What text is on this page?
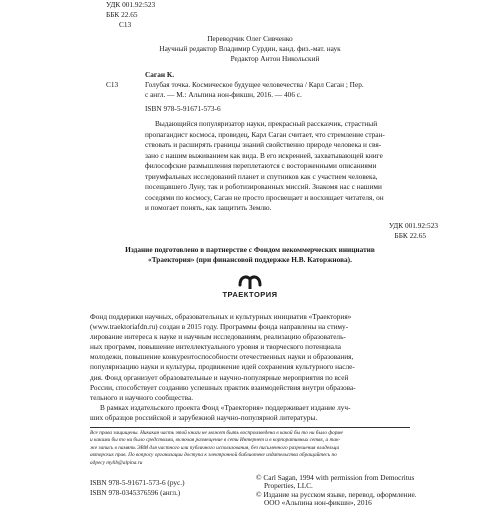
УДК 001.92:523
ББК 22.65
С13
Переводчик Олег Сивченко
Научный редактор Владимир Сурдин, канд. физ.-мат. наук
Редактор Антон Никольский
Саган К.
С13	Голубая точка. Космическое будущее человечества / Карл Саган ; Пер.
с англ. — М.: Альпина нон-фикшн, 2016. — 406 с.
ISBN 978-5-91671-573-6
Выдающийся популяризатор науки, прекрасный рассказчик, страстный
пропагандист космоса, провидец, Карл Саган считает, что стремление стран-
ствовать и расширять границы знаний свойственно природе человека и свя-
зано с нашим выживанием как вида. В его искренней, захватывающей книге
философские размышления переплетаются с восторженными описаниями
триумфальных исследований планет и спутников как с участием человека,
посещавшего Луну, так и роботизированных миссий. Знакомя нас с нашими
соседями по космосу, Саган не просто просвещает и восхищает читателя, он
и помогает понять, как защитить Землю.
УДК 001.92:523
ББК 22.65
Издание подготовлено в партнерстве с Фондом некоммерческих инициатив
«Траектория» (при финансовой поддержке Н.В. Каторжнова).
ТРАЕКТОРИЯ
Фонд поддержки научных, образовательных и культурных инициатив «Траектория»
(www.traektoriafdn.ru) создан в 2015 году. Программы фонда направлены на стиму-
лирование интереса к науке и научным исследованиям, реализацию образователь-
ных программ, повышение интеллектуального уровня и творческого потенциала
молодежи, повышение конкурентоспособности отечественных науки и образования,
популяризацию науки и культуры, продвижение идей сохранения культурного насле-
дия. Фонд организует образовательные и научно-популярные мероприятия по всей
России, способствует созданию успешных практик взаимодействия внутри образова-
тельного и научного сообщества.
В рамках издательского проекта Фонд «Траектория» поддерживает издание луч-
ших образцов российской и зарубежной научно-популярной литературы.
Все права защищены. Никакая часть этой книги не может быть воспроизведена в какой бы то ни было форме
и какими бы то ни было средствами, включая размещение в сети Интернет и в корпоративных сетях, а так-
же запись в память ЭВМ для частного или публичного использования, без письменного разрешения владельца
авторских прав. По вопросу организации доступа к электронной библиотеке издательства обращайтесь по
адресу mylib@alpina.ru
ISBN 978-5-91671-573-6 (рус.)
ISBN 978-0345376596 (англ.)
© Carl Sagan, 1994 with permission from Democritus
Properties, LLC.
© Издание на русском языке, перевод, оформление.
ООО «Альпина нон-фикшн», 2016
